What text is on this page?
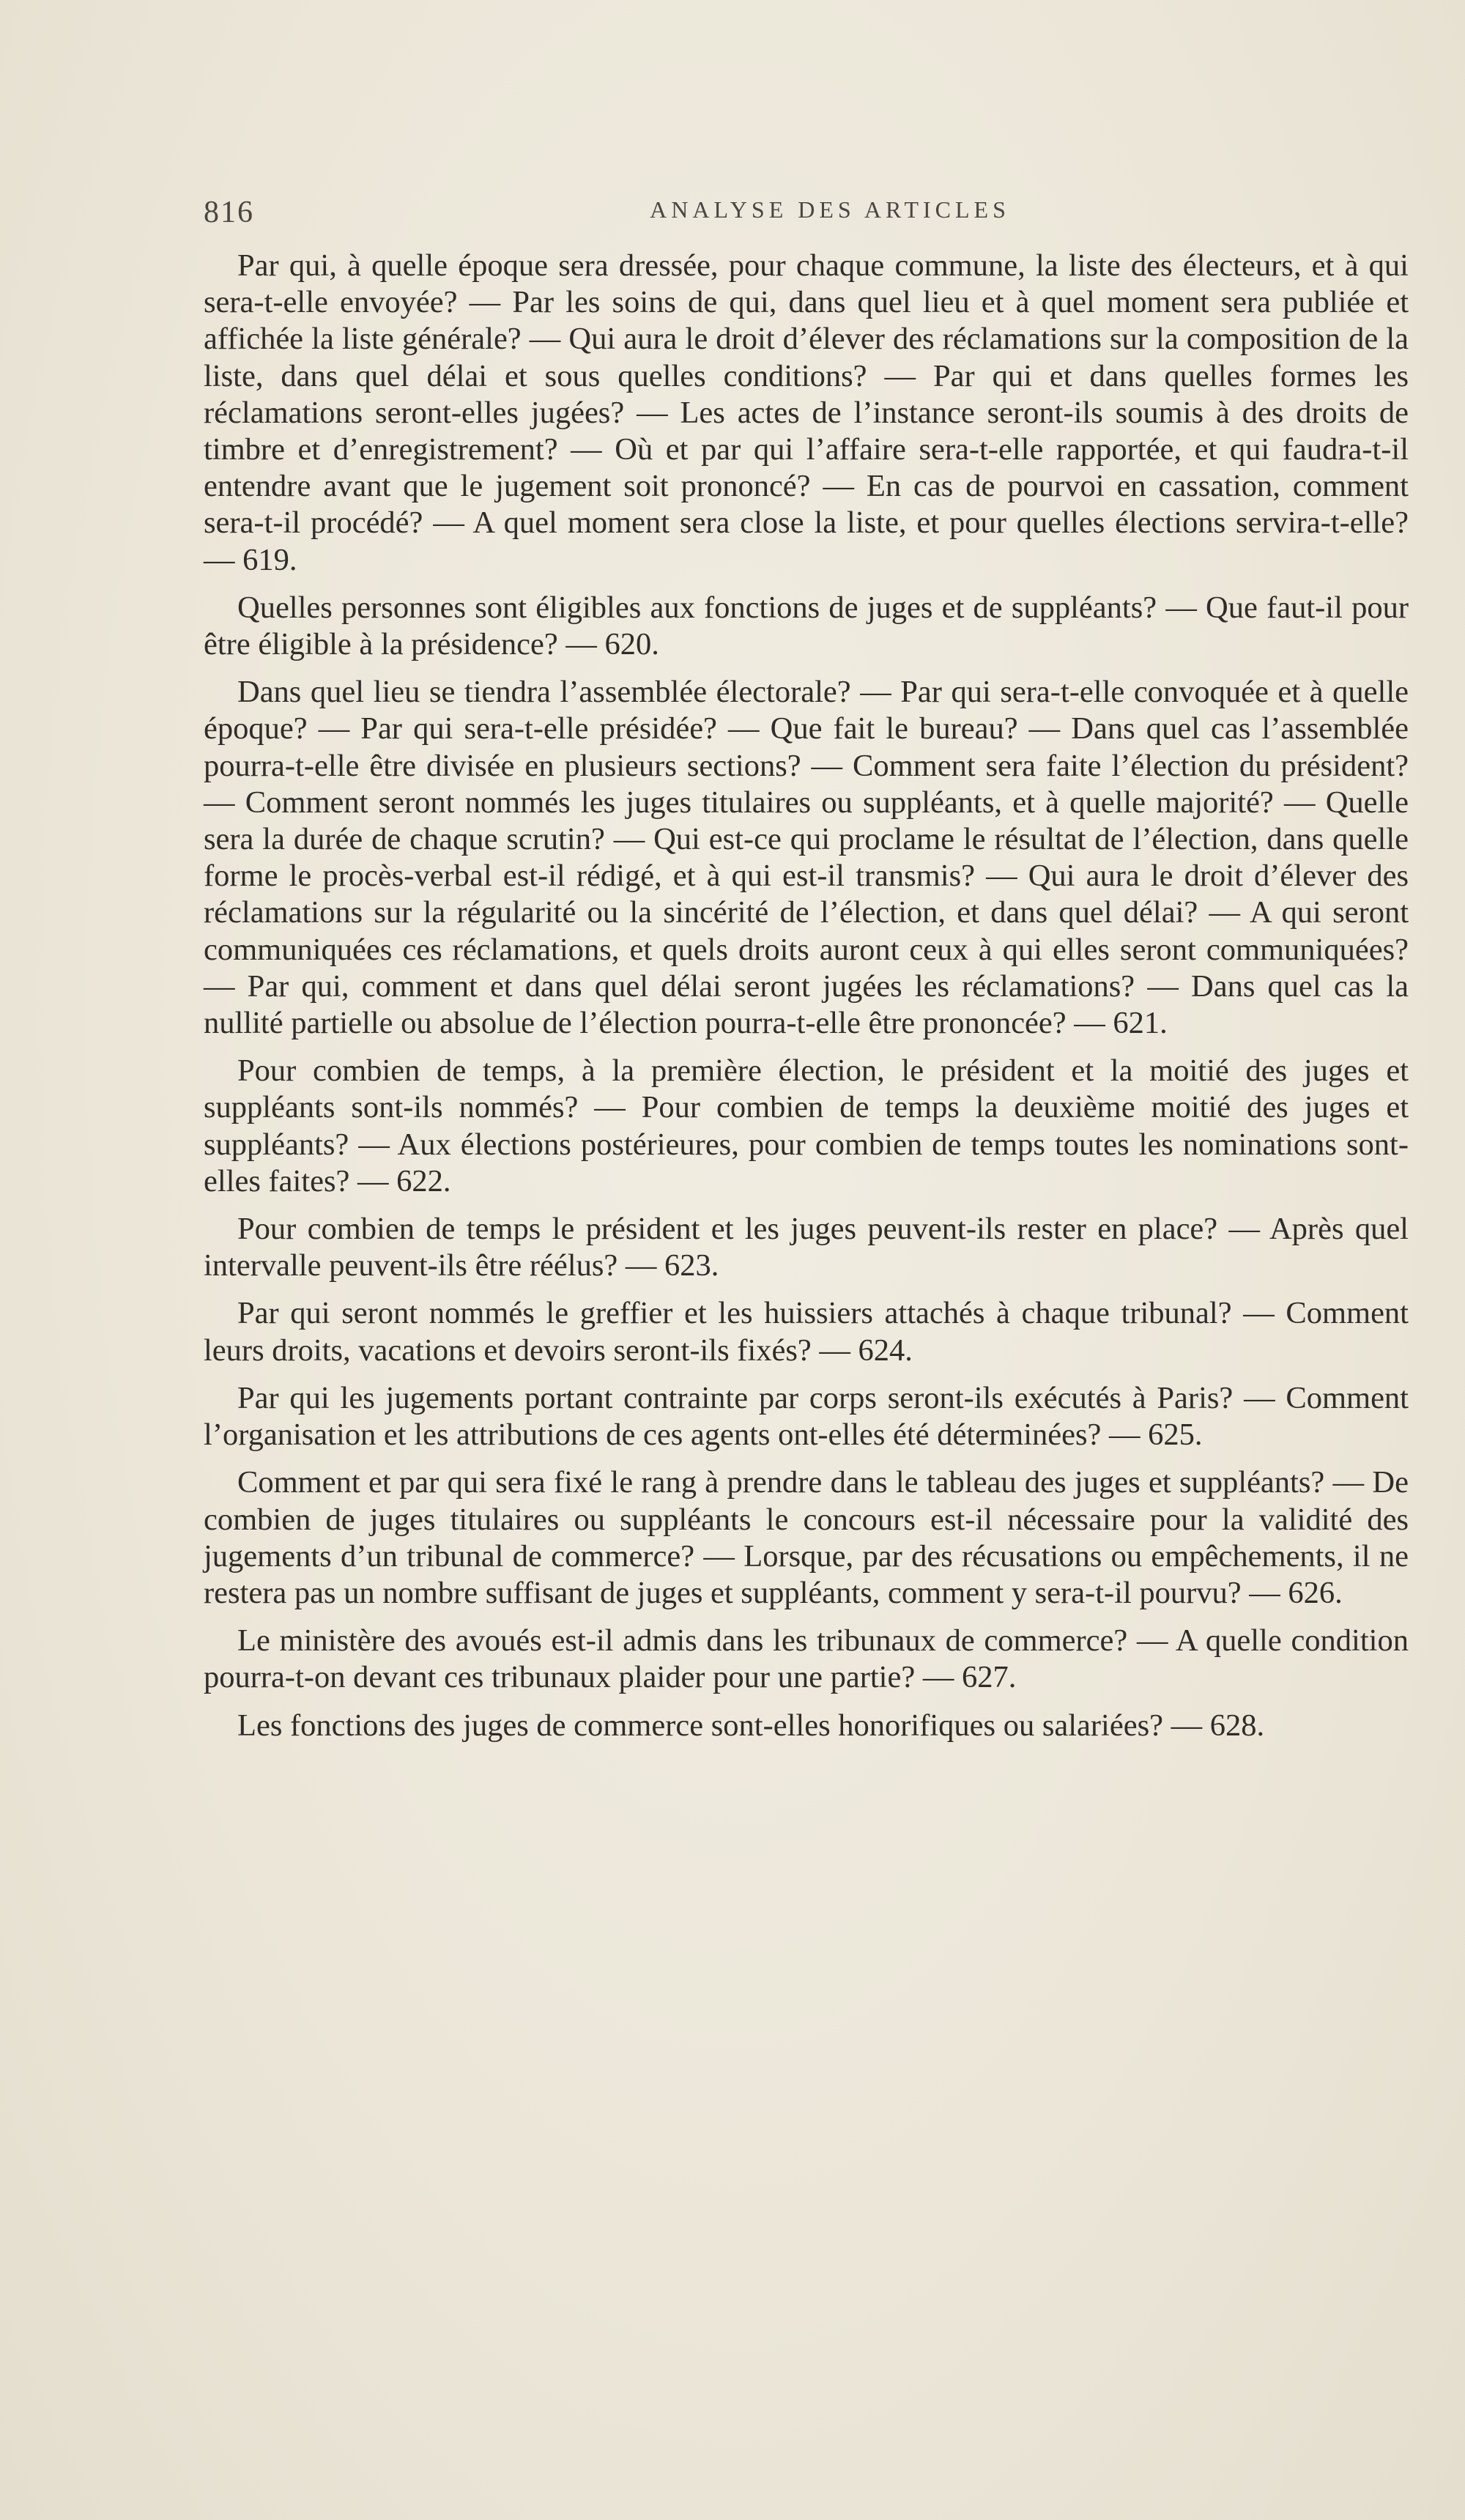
816	ANALYSE DES ARTICLES

Par qui, à quelle époque sera dressée, pour chaque commune, la liste des électeurs, et à qui sera-t-elle envoyée? — Par les soins de qui, dans quel lieu et à quel moment sera publiée et affichée la liste générale? — Qui aura le droit d’élever des réclamations sur la composition de la liste, dans quel délai et sous quelles conditions? — Par qui et dans quelles formes les réclamations seront-elles jugées? — Les actes de l’instance seront-ils soumis à des droits de timbre et d’enregistrement? — Où et par qui l’affaire sera-t-elle rapportée, et qui faudra-t-il entendre avant que le jugement soit prononcé? — En cas de pourvoi en cassation, comment sera-t-il procédé? — A quel moment sera close la liste, et pour quelles élections servira-t-elle? — 619.

Quelles personnes sont éligibles aux fonctions de juges et de suppléants? — Que faut-il pour être éligible à la présidence? — 620.

Dans quel lieu se tiendra l’assemblée électorale? — Par qui sera-t-elle convoquée et à quelle époque? — Par qui sera-t-elle présidée? — Que fait le bureau? — Dans quel cas l’assemblée pourra-t-elle être divisée en plusieurs sections? — Comment sera faite l’élection du président? — Comment seront nommés les juges titulaires ou suppléants, et à quelle majorité? — Quelle sera la durée de chaque scrutin? — Qui est-ce qui proclame le résultat de l’élection, dans quelle forme le procès-verbal est-il rédigé, et à qui est-il transmis? — Qui aura le droit d’élever des réclamations sur la régularité ou la sincérité de l’élection, et dans quel délai? — A qui seront communiquées ces réclamations, et quels droits auront ceux à qui elles seront communiquées? — Par qui, comment et dans quel délai seront jugées les réclamations? — Dans quel cas la nullité partielle ou absolue de l’élection pourra-t-elle être prononcée? — 621.

Pour combien de temps, à la première élection, le président et la moitié des juges et suppléants sont-ils nommés? — Pour combien de temps la deuxième moitié des juges et suppléants? — Aux élections postérieures, pour combien de temps toutes les nominations sont-elles faites? — 622.

Pour combien de temps le président et les juges peuvent-ils rester en place? — Après quel intervalle peuvent-ils être réélus? — 623.

Par qui seront nommés le greffier et les huissiers attachés à chaque tribunal? — Comment leurs droits, vacations et devoirs seront-ils fixés? — 624.

Par qui les jugements portant contrainte par corps seront-ils exécutés à Paris? — Comment l’organisation et les attributions de ces agents ont-elles été déterminées? — 625.

Comment et par qui sera fixé le rang à prendre dans le tableau des juges et suppléants? — De combien de juges titulaires ou suppléants le concours est-il nécessaire pour la validité des jugements d’un tribunal de commerce? — Lorsque, par des récusations ou empêchements, il ne restera pas un nombre suffisant de juges et suppléants, comment y sera-t-il pourvu? — 626.

Le ministère des avoués est-il admis dans les tribunaux de commerce? — A quelle condition pourra-t-on devant ces tribunaux plaider pour une partie? — 627.

Les fonctions des juges de commerce sont-elles honorifiques ou salariées? — 628.
